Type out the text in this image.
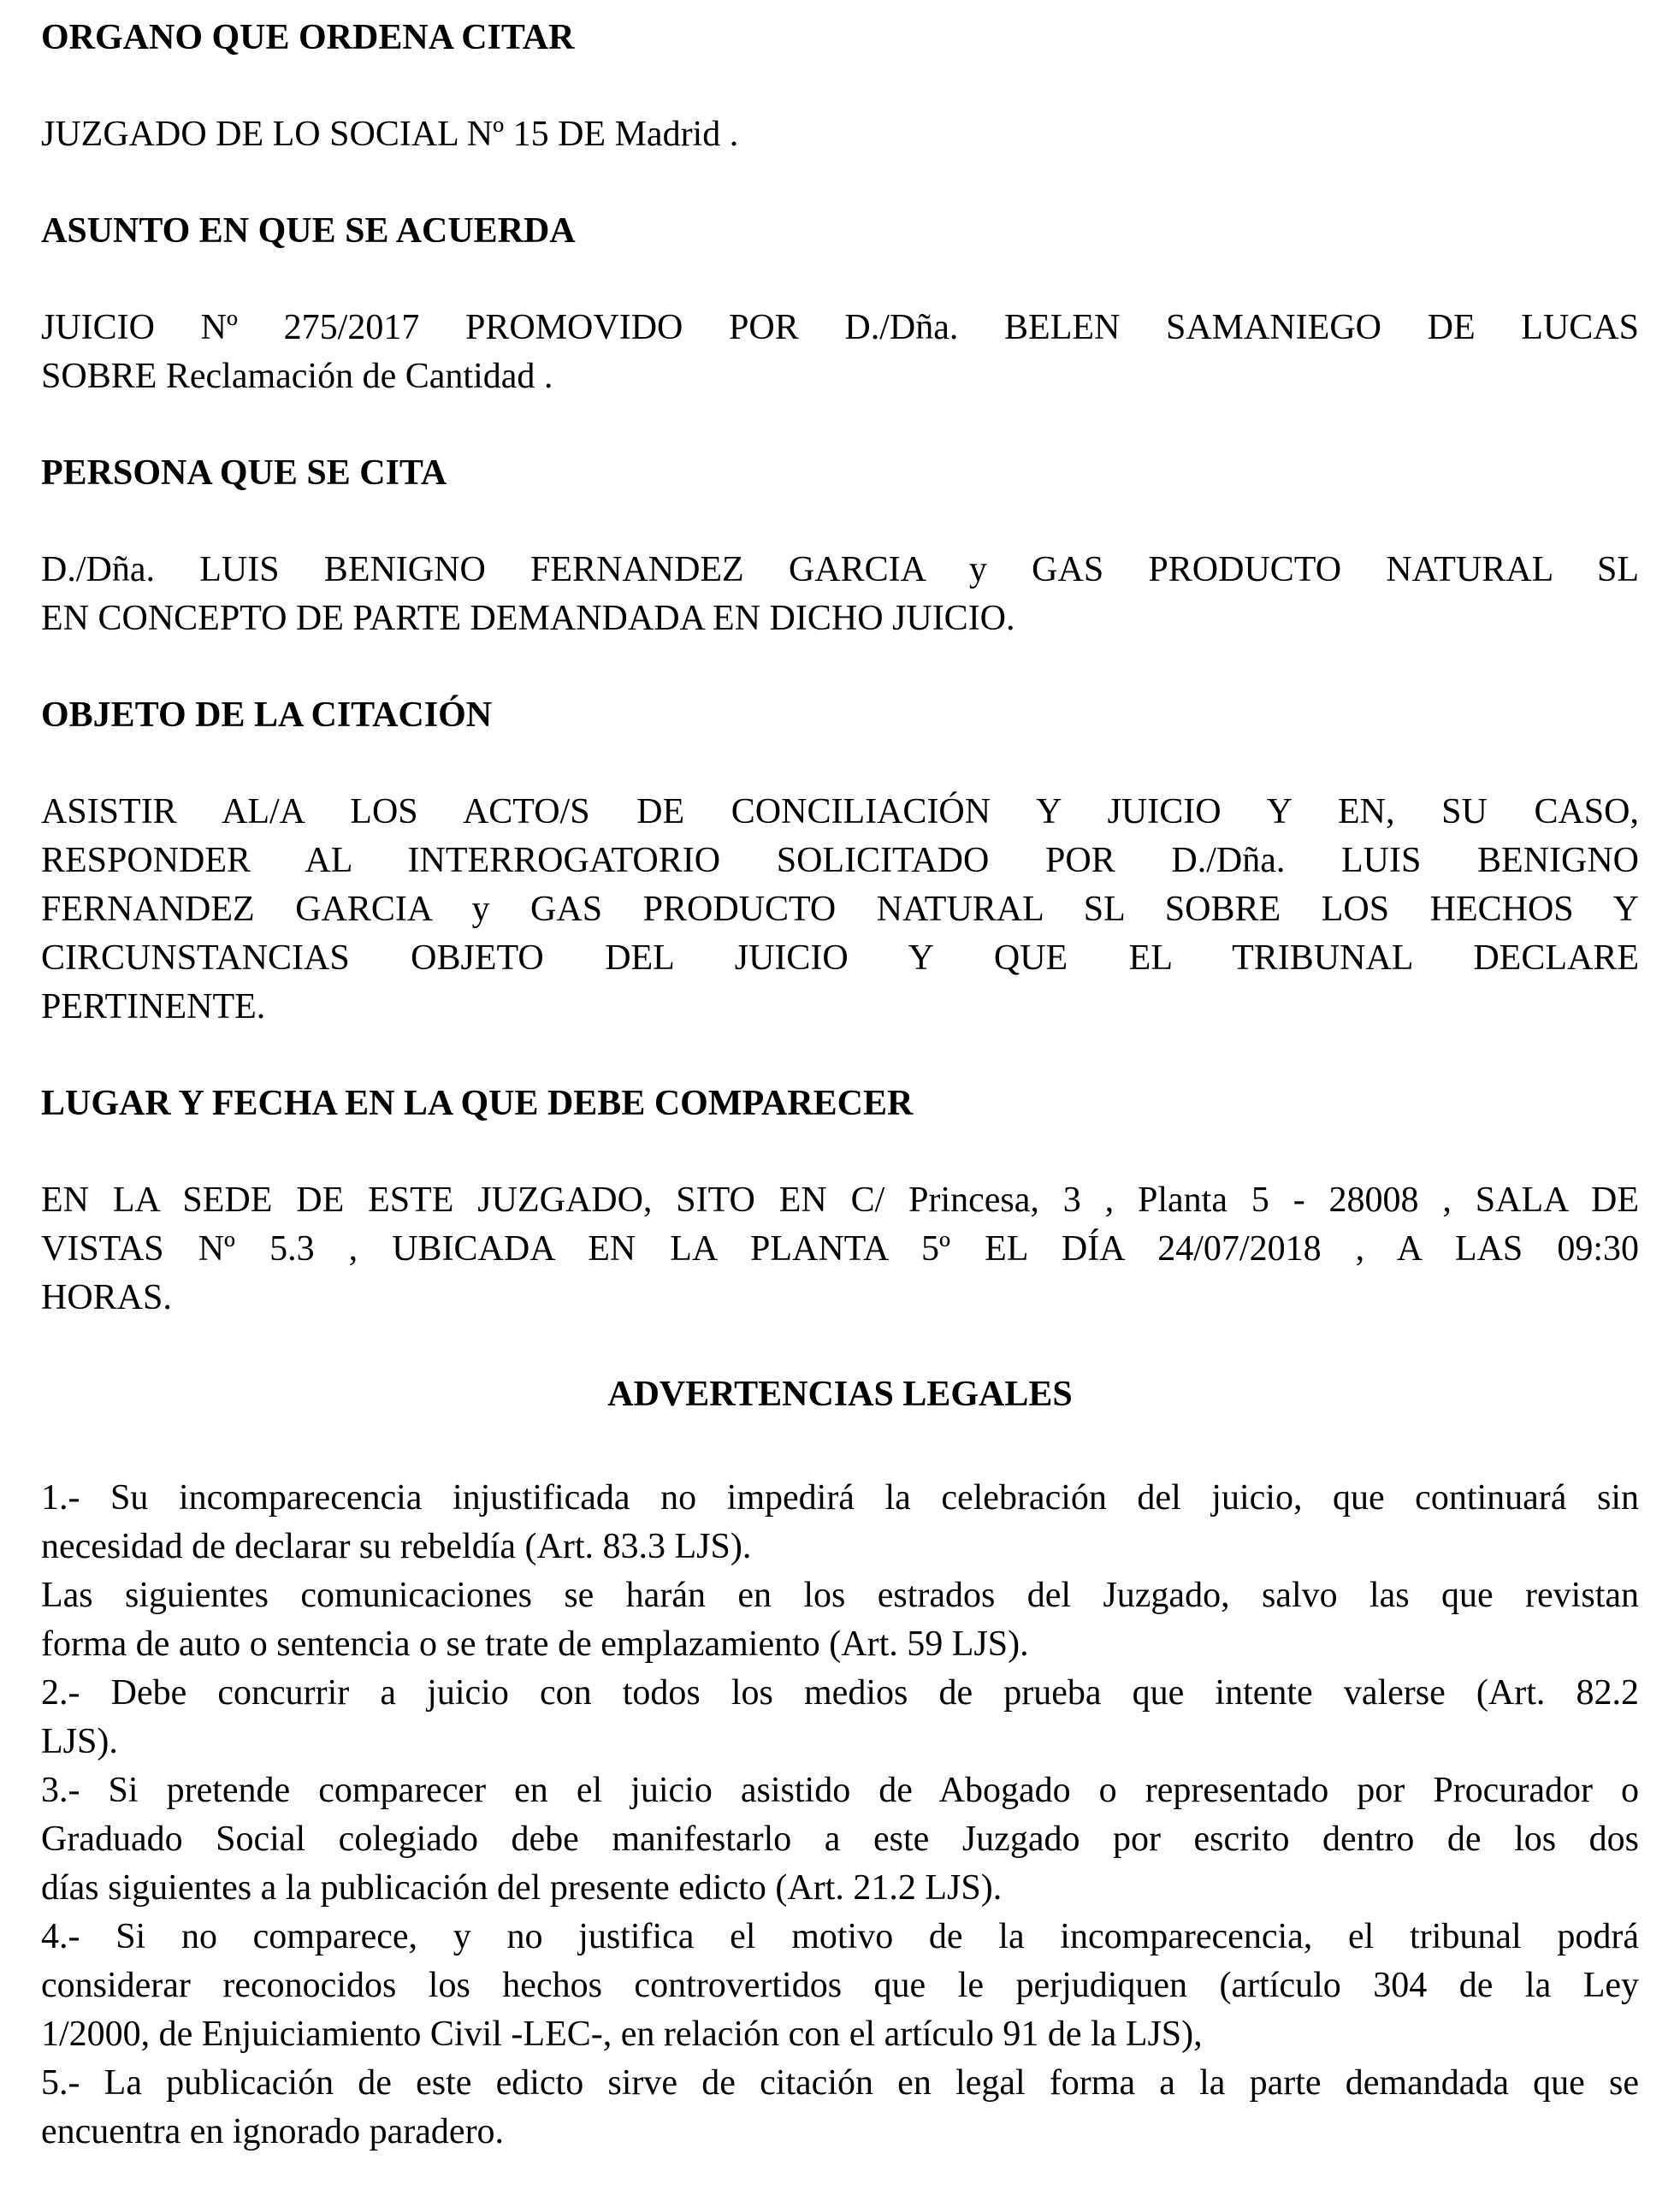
ORGANO QUE ORDENA CITAR
JUZGADO DE LO SOCIAL Nº 15 DE Madrid .
ASUNTO EN QUE SE ACUERDA
JUICIO Nº 275/2017 PROMOVIDO POR D./Dña. BELEN SAMANIEGO DE LUCAS
SOBRE Reclamación de Cantidad .
PERSONA QUE SE CITA
D./Dña. LUIS BENIGNO FERNANDEZ GARCIA y GAS PRODUCTO NATURAL SL
EN CONCEPTO DE PARTE DEMANDADA EN DICHO JUICIO.
OBJETO DE LA CITACIÓN
ASISTIR AL/A LOS ACTO/S DE CONCILIACIÓN Y JUICIO Y EN, SU CASO,
RESPONDER AL INTERROGATORIO SOLICITADO POR D./Dña. LUIS BENIGNO
FERNANDEZ GARCIA y GAS PRODUCTO NATURAL SL SOBRE LOS HECHOS Y
CIRCUNSTANCIAS OBJETO DEL JUICIO Y QUE EL TRIBUNAL DECLARE
PERTINENTE.
LUGAR Y FECHA EN LA QUE DEBE COMPARECER
EN LA SEDE DE ESTE JUZGADO, SITO EN C/ Princesa, 3 , Planta 5 - 28008 , SALA DE
VISTAS Nº 5.3 , UBICADA EN LA PLANTA 5º EL DÍA 24/07/2018 , A LAS 09:30
HORAS.
ADVERTENCIAS LEGALES
1.- Su incomparecencia injustificada no impedirá la celebración del juicio, que continuará sin
necesidad de declarar su rebeldía (Art. 83.3 LJS).
Las siguientes comunicaciones se harán en los estrados del Juzgado, salvo las que revistan
forma de auto o sentencia o se trate de emplazamiento (Art. 59 LJS).
2.- Debe concurrir a juicio con todos los medios de prueba que intente valerse (Art. 82.2
LJS).
3.- Si pretende comparecer en el juicio asistido de Abogado o representado por Procurador o
Graduado Social colegiado debe manifestarlo a este Juzgado por escrito dentro de los dos
días siguientes a la publicación del presente edicto (Art. 21.2 LJS).
4.- Si no comparece, y no justifica el motivo de la incomparecencia, el tribunal podrá
considerar reconocidos los hechos controvertidos que le perjudiquen (artículo 304 de la Ley
1/2000, de Enjuiciamiento Civil -LEC-, en relación con el artículo 91 de la LJS),
5.- La publicación de este edicto sirve de citación en legal forma a la parte demandada que se
encuentra en ignorado paradero.
